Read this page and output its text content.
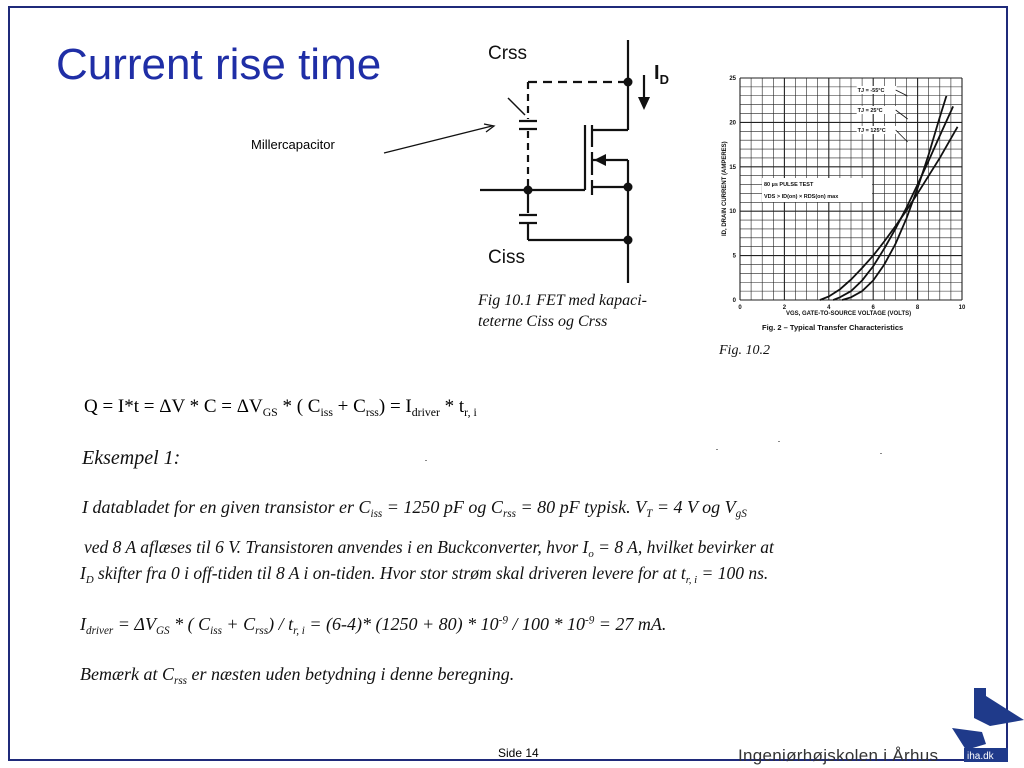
Current rise time
Millercapacitor
$I_D$
Crss
Ciss
Fig 10.1 FET med kapaci-
teterne Ciss og Crss
0	2	4	6	8	10
0
5
10
15
20
25
ID, DRAIN CURRENT (AMPERES)
VGS, GATE-TO-SOURCE VOLTAGE (VOLTS)
Fig. 2 – Typical Transfer Characteristics
80 µs PULSE TEST
VDS > ID(on) × RDS(on) max
TJ = -55°C
TJ = 25°C
TJ = 125°C
Fig. 10.2
$Q = I*t = \Delta V * C = \Delta V_{GS}$ * ( $C_{iss} + C_{rss}) = I_{driver} * t_{r, i}$
Eksempel 1:
I databladet for en given transistor er $C_{iss} = 1250$ pF og $C_{rss} = 80$ pF typisk. $V_T = 4$ V og $V_{gS}$
ved 8 A aflæses til 6 V. Transistoren anvendes i en Buckconverter, hvor $I_o = 8$ A, hvilket bevirker at
$I_D$ skifter fra 0 i off-tiden til 8 A i on-tiden. Hvor stor strøm skal driveren levere for at $t_{r, i} = 100$ ns.
$I_{driver} = \Delta V_{GS}$ * ( $C_{iss} + C_{rss}) / t_{r, i} = (6-4)*$ $(1250 + 80) * 10^{-9} / 100 * 10^{-9} = 27$ mA.
Bemærk at $C_{rss}$ er næsten uden betydning i denne beregning.
Side 14	Ingeniørhøjskolen i Århus	iha.dk
